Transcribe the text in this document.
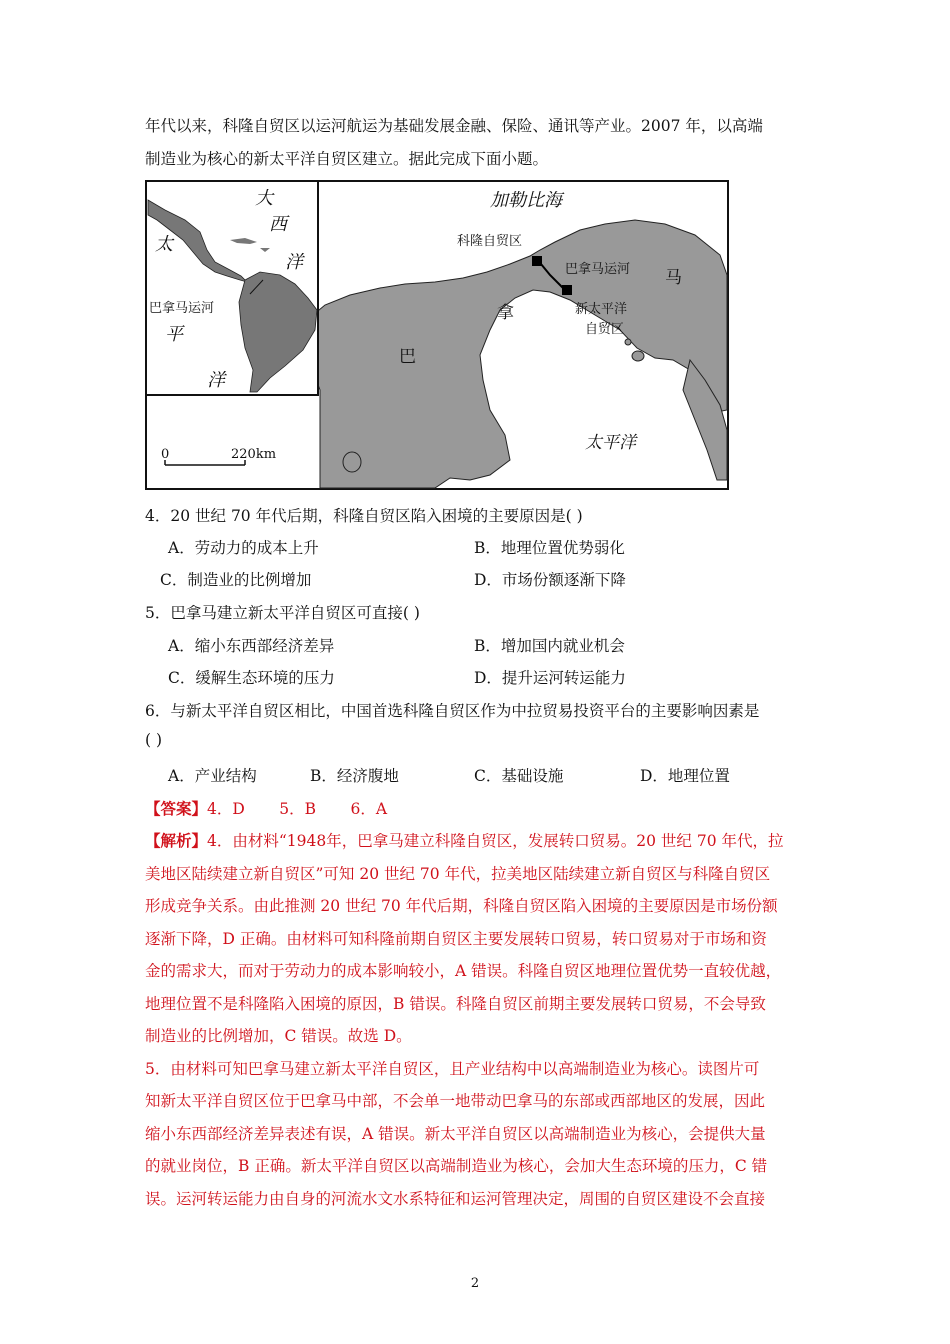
年代以来，科隆自贸区以运河航运为基础发展金融、保险、通讯等产业。2007 年，以高端

制造业为核心的新太平洋自贸区建立。据此完成下面小题。

加勒比海
科隆自贸区
巴拿马运河
新太平洋
自贸区
太平洋
巴
拿
马
0	220km
大
西
洋
太
巴拿马运河
平
洋

4．20 世纪 70 年代后期，科隆自贸区陷入困境的主要原因是( )

A．劳动力的成本上升	B．地理位置优势弱化
C．制造业的比例增加	D．市场份额逐渐下降

5．巴拿马建立新太平洋自贸区可直接( )

A．缩小东西部经济差异	B．增加国内就业机会
C．缓解生态环境的压力	D．提升运河转运能力

6．与新太平洋自贸区相比，中国首选科隆自贸区作为中拉贸易投资平台的主要影响因素是

( )

A．产业结构	B．经济腹地	C．基础设施	D．地理位置

【答案】4．D       5．B       6．A

【解析】4．由材料“1948年，巴拿马建立科隆自贸区，发展转口贸易。20 世纪 70 年代，拉

美地区陆续建立新自贸区”可知 20 世纪 70 年代，拉美地区陆续建立新自贸区与科隆自贸区

形成竞争关系。由此推测 20 世纪 70 年代后期，科隆自贸区陷入困境的主要原因是市场份额

逐渐下降，D 正确。由材料可知科隆前期自贸区主要发展转口贸易，转口贸易对于市场和资

金的需求大，而对于劳动力的成本影响较小，A 错误。科隆自贸区地理位置优势一直较优越，

地理位置不是科隆陷入困境的原因，B 错误。科隆自贸区前期主要发展转口贸易，不会导致

制造业的比例增加，C 错误。故选 D。

5．由材料可知巴拿马建立新太平洋自贸区，且产业结构中以高端制造业为核心。读图片可

知新太平洋自贸区位于巴拿马中部，不会单一地带动巴拿马的东部或西部地区的发展，因此

缩小东西部经济差异表述有误，A 错误。新太平洋自贸区以高端制造业为核心，会提供大量

的就业岗位，B 正确。新太平洋自贸区以高端制造业为核心，会加大生态环境的压力，C 错

误。运河转运能力由自身的河流水文水系特征和运河管理决定，周围的自贸区建设不会直接

2
